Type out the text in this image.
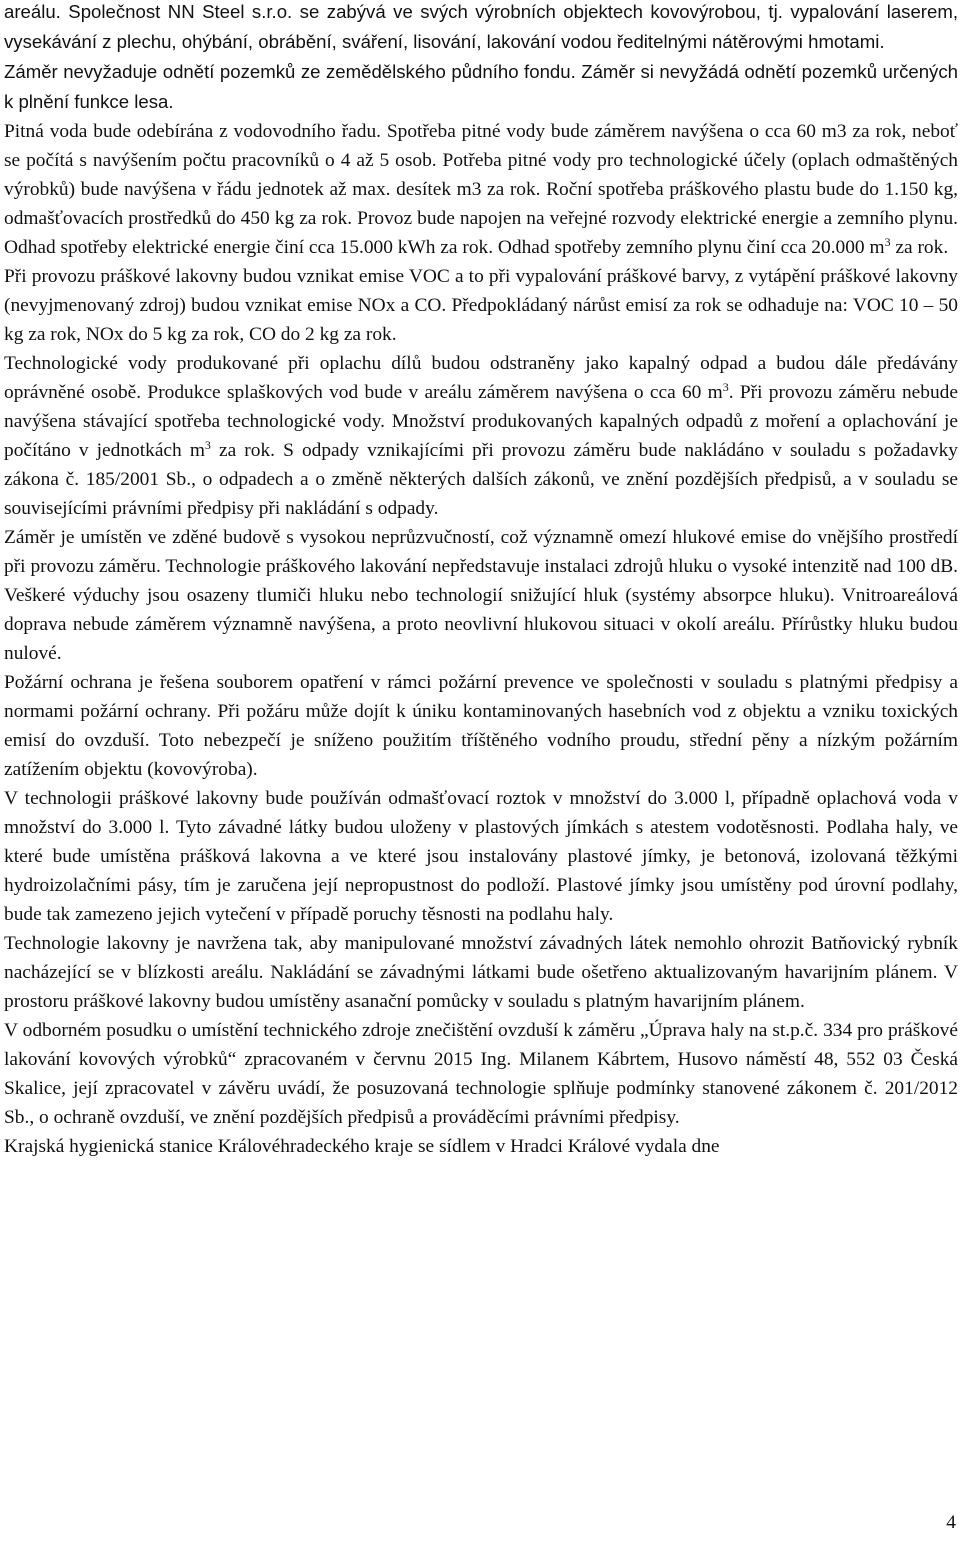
areálu. Společnost NN Steel s.r.o. se zabývá ve svých výrobních objektech kovovýrobou, tj. vypalování laserem, vysekávání z plechu, ohýbání, obrábění, sváření, lisování, lakování vodou ředitelnými nátěrovými hmotami.

Záměr nevyžaduje odnětí pozemků ze zemědělského půdního fondu. Záměr si nevyžádá odnětí pozemků určených k plnění funkce lesa.

Pitná voda bude odebírána z vodovodního řadu. Spotřeba pitné vody bude záměrem navýšena o cca 60 m3 za rok, neboť se počítá s navýšením počtu pracovníků o 4 až 5 osob. Potřeba pitné vody pro technologické účely (oplach odmaštěných výrobků) bude navýšena v řádu jednotek až max. desítek m3 za rok. Roční spotřeba práškového plastu bude do 1.150 kg, odmašťovacích prostředků do 450 kg za rok. Provoz bude napojen na veřejné rozvody elektrické energie a zemního plynu. Odhad spotřeby elektrické energie činí cca 15.000 kWh za rok. Odhad spotřeby zemního plynu činí cca 20.000 $m^3$ za rok.

Při provozu práškové lakovny budou vznikat emise VOC a to při vypalování práškové barvy, z vytápění práškové lakovny (nevyjmenovaný zdroj) budou vznikat emise NOx a CO. Předpokládaný nárůst emisí za rok se odhaduje na: VOC 10 – 50 kg za rok, NOx do 5 kg za rok, CO do 2 kg za rok.

Technologické vody produkované při oplachu dílů budou odstraněny jako kapalný odpad a budou dále předávány oprávněné osobě. Produkce splaškových vod bude v areálu záměrem navýšena o cca 60 $m^3$. Při provozu záměru nebude navýšena stávající spotřeba technologické vody. Množství produkovaných kapalných odpadů z moření a oplachování je počítáno v jednotkách $m^3$ za rok. S odpady vznikajícími při provozu záměru bude nakládáno v souladu s požadavky zákona č. 185/2001 Sb., o odpadech a o změně některých dalších zákonů, ve znění pozdějších předpisů, a v souladu se souvisejícími právními předpisy při nakládání s odpady.

Záměr je umístěn ve zděné budově s vysokou neprůzvučností, což významně omezí hlukové emise do vnějšího prostředí při provozu záměru. Technologie práškového lakování nepředstavuje instalaci zdrojů hluku o vysoké intenzitě nad 100 dB. Veškeré výduchy jsou osazeny tlumiči hluku nebo technologií snižující hluk (systémy absorpce hluku). Vnitroareálová doprava nebude záměrem významně navýšena, a proto neovlivní hlukovou situaci v okolí areálu. Přírůstky hluku budou nulové.

Požární ochrana je řešena souborem opatření v rámci požární prevence ve společnosti v souladu s platnými předpisy a normami požární ochrany. Při požáru může dojít k úniku kontaminovaných hasebních vod z objektu a vzniku toxických emisí do ovzduší. Toto nebezpečí je sníženo použitím tříštěného vodního proudu, střední pěny a nízkým požárním zatížením objektu (kovovýroba).

V technologii práškové lakovny bude používán odmašťovací roztok v množství do 3.000 l, případně oplachová voda v množství do 3.000 l. Tyto závadné látky budou uloženy v plastových jímkách s atestem vodotěsnosti. Podlaha haly, ve které bude umístěna prášková lakovna a ve které jsou instalovány plastové jímky, je betonová, izolovaná těžkými hydroizolačními pásy, tím je zaručena její nepropustnost do podloží. Plastové jímky jsou umístěny pod úrovní podlahy, bude tak zamezeno jejich vytečení v případě poruchy těsnosti na podlahu haly.

Technologie lakovny je navržena tak, aby manipulované množství závadných látek nemohlo ohrozit Batňovický rybník nacházející se v blízkosti areálu. Nakládání se závadnými látkami bude ošetřeno aktualizovaným havarijním plánem. V prostoru práškové lakovny budou umístěny asanační pomůcky v souladu s platným havarijním plánem.

V odborném posudku o umístění technického zdroje znečištění ovzduší k záměru „Úprava haly na st.p.č. 334 pro práškové lakování kovových výrobků“ zpracovaném v červnu 2015 Ing. Milanem Kábrtem, Husovo náměstí 48, 552 03 Česká Skalice, její zpracovatel v závěru uvádí, že posuzovaná technologie splňuje podmínky stanovené zákonem č. 201/2012 Sb., o ochraně ovzduší, ve znění pozdějších předpisů a prováděcími právními předpisy.

Krajská hygienická stanice Královéhradeckého kraje se sídlem v Hradci Králové vydala dne

4
